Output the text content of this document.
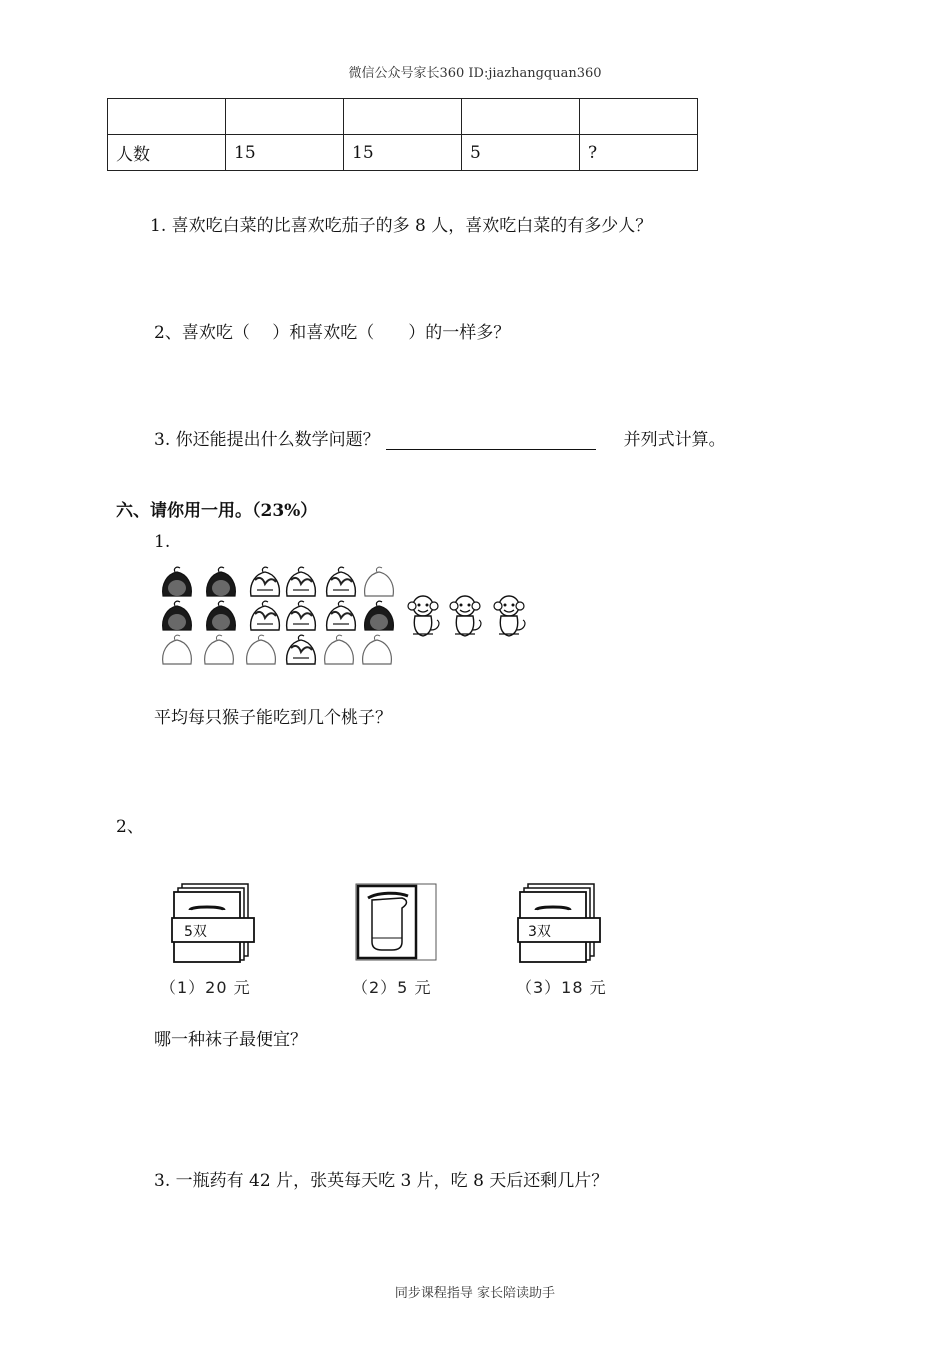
微信公众号家长360 ID:jiazhangquan360

人数	15	15	5	?
1. 喜欢吃白菜的比喜欢吃茄子的多 8 人，喜欢吃白菜的有多少人？
2、喜欢吃（　 ）和喜欢吃（　　）的一样多？
3. 你还能提出什么数学问题？	并列式计算。
六、请你用一用。（23%）
1.
平均每只猴子能吃到几个桃子？
2、
5双	3双
（1）20 元	（2）5 元	（3）18 元
哪一种袜子最便宜？
3. 一瓶药有 42 片，张英每天吃 3 片，吃 8 天后还剩几片？
同步课程指导 家长陪读助手
